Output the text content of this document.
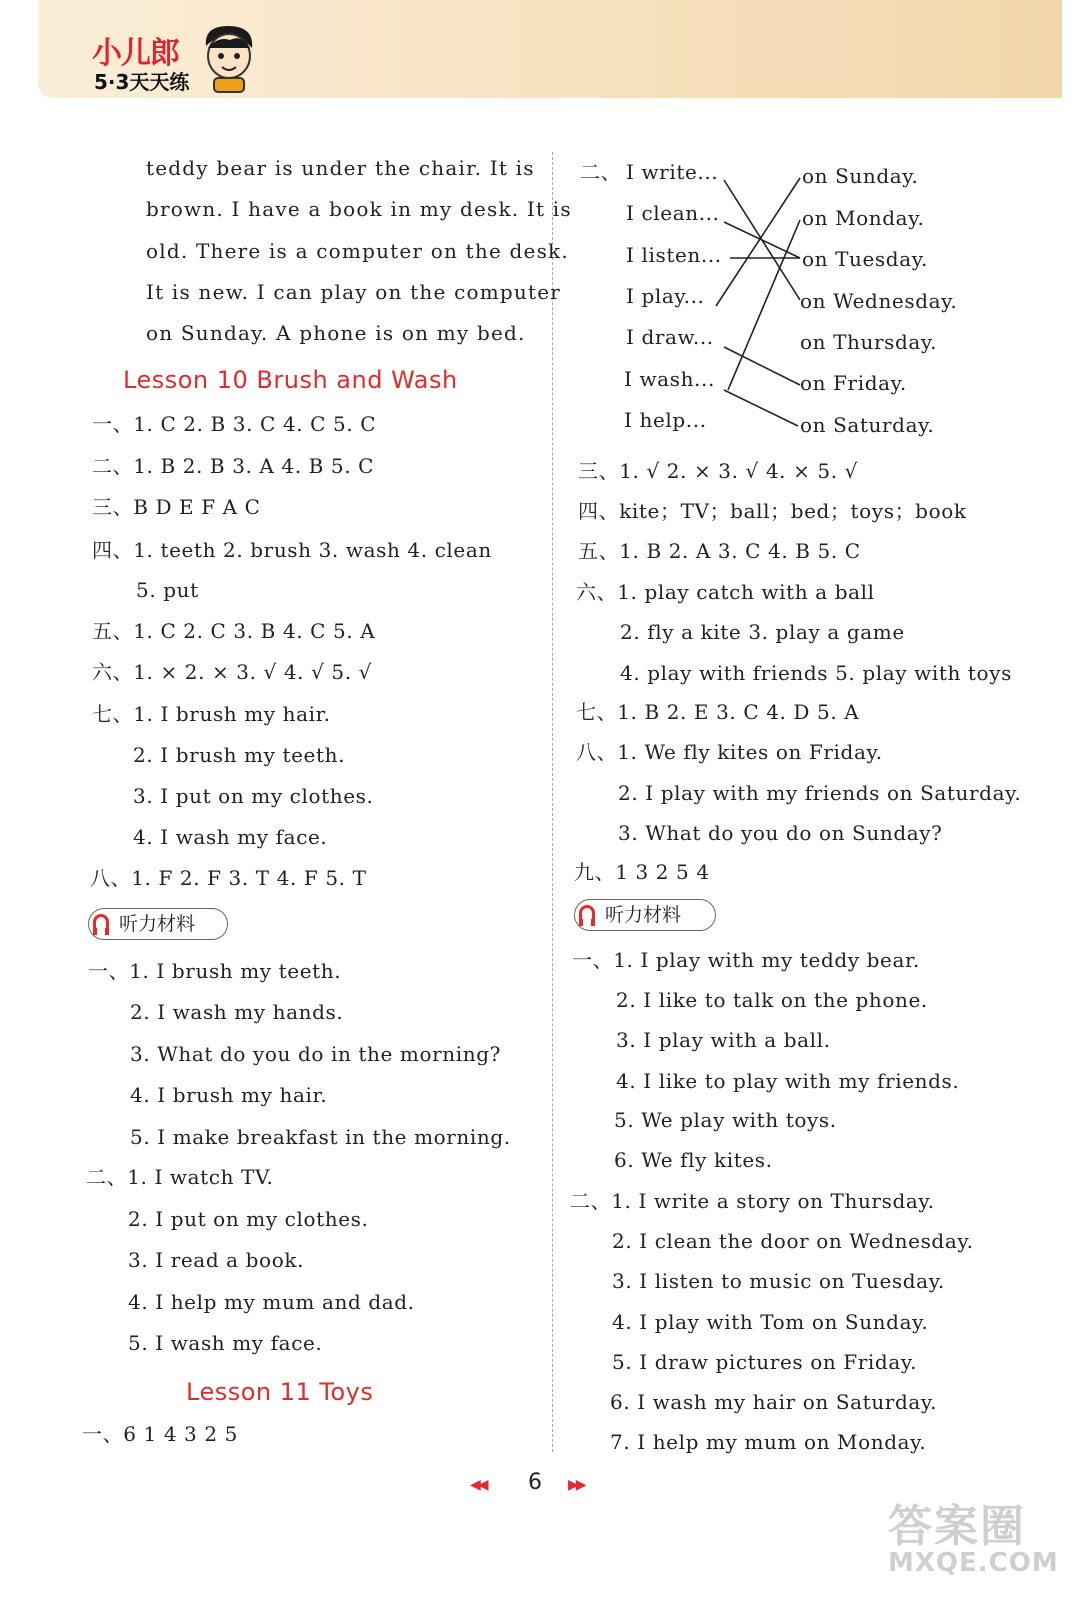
小儿郎
5·3天天练
teddy bear is under the chair. It is
brown. I have a book in my desk. It is
old. There is a computer on the desk.
It is new. I can play on the computer
on Sunday. A phone is on my bed.
Lesson 10 Brush and Wash
一、1. C 2. B 3. C 4. C 5. C
二、1. B 2. B 3. A 4. B 5. C
三、B D E F A C
四、1. teeth 2. brush 3. wash 4. clean
5. put
五、1. C 2. C 3. B 4. C 5. A
六、1. × 2. × 3. √ 4. √ 5. √
七、1. I brush my hair.
2. I brush my teeth.
3. I put on my clothes.
4. I wash my face.
八、1. F 2. F 3. T 4. F 5. T
听力材料
一、1. I brush my teeth.
2. I wash my hands.
3. What do you do in the morning?
4. I brush my hair.
5. I make breakfast in the morning.
二、1. I watch TV.
2. I put on my clothes.
3. I read a book.
4. I help my mum and dad.
5. I wash my face.
Lesson 11 Toys
一、6 1 4 3 2 5
二、 I write...
I clean...
I listen...
I play...
I draw...
I wash...
I help...
on Sunday.
on Monday.
on Tuesday.
on Wednesday.
on Thursday.
on Friday.
on Saturday.
三、1. √ 2. × 3. √ 4. × 5. √
四、kite；TV；ball；bed；toys；book
五、1. B 2. A 3. C 4. B 5. C
六、1. play catch with a ball
2. fly a kite 3. play a game
4. play with friends 5. play with toys
七、1. B 2. E 3. C 4. D 5. A
八、1. We fly kites on Friday.
2. I play with my friends on Saturday.
3. What do you do on Sunday?
九、1 3 2 5 4
听力材料
一、1. I play with my teddy bear.
2. I like to talk on the phone.
3. I play with a ball.
4. I like to play with my friends.
5. We play with toys.
6. We fly kites.
二、1. I write a story on Thursday.
2. I clean the door on Wednesday.
3. I listen to music on Tuesday.
4. I play with Tom on Sunday.
5. I draw pictures on Friday.
6. I wash my hair on Saturday.
7. I help my mum on Monday.
◀◀ 6 ▶▶
答案圈
MXQE.COM
